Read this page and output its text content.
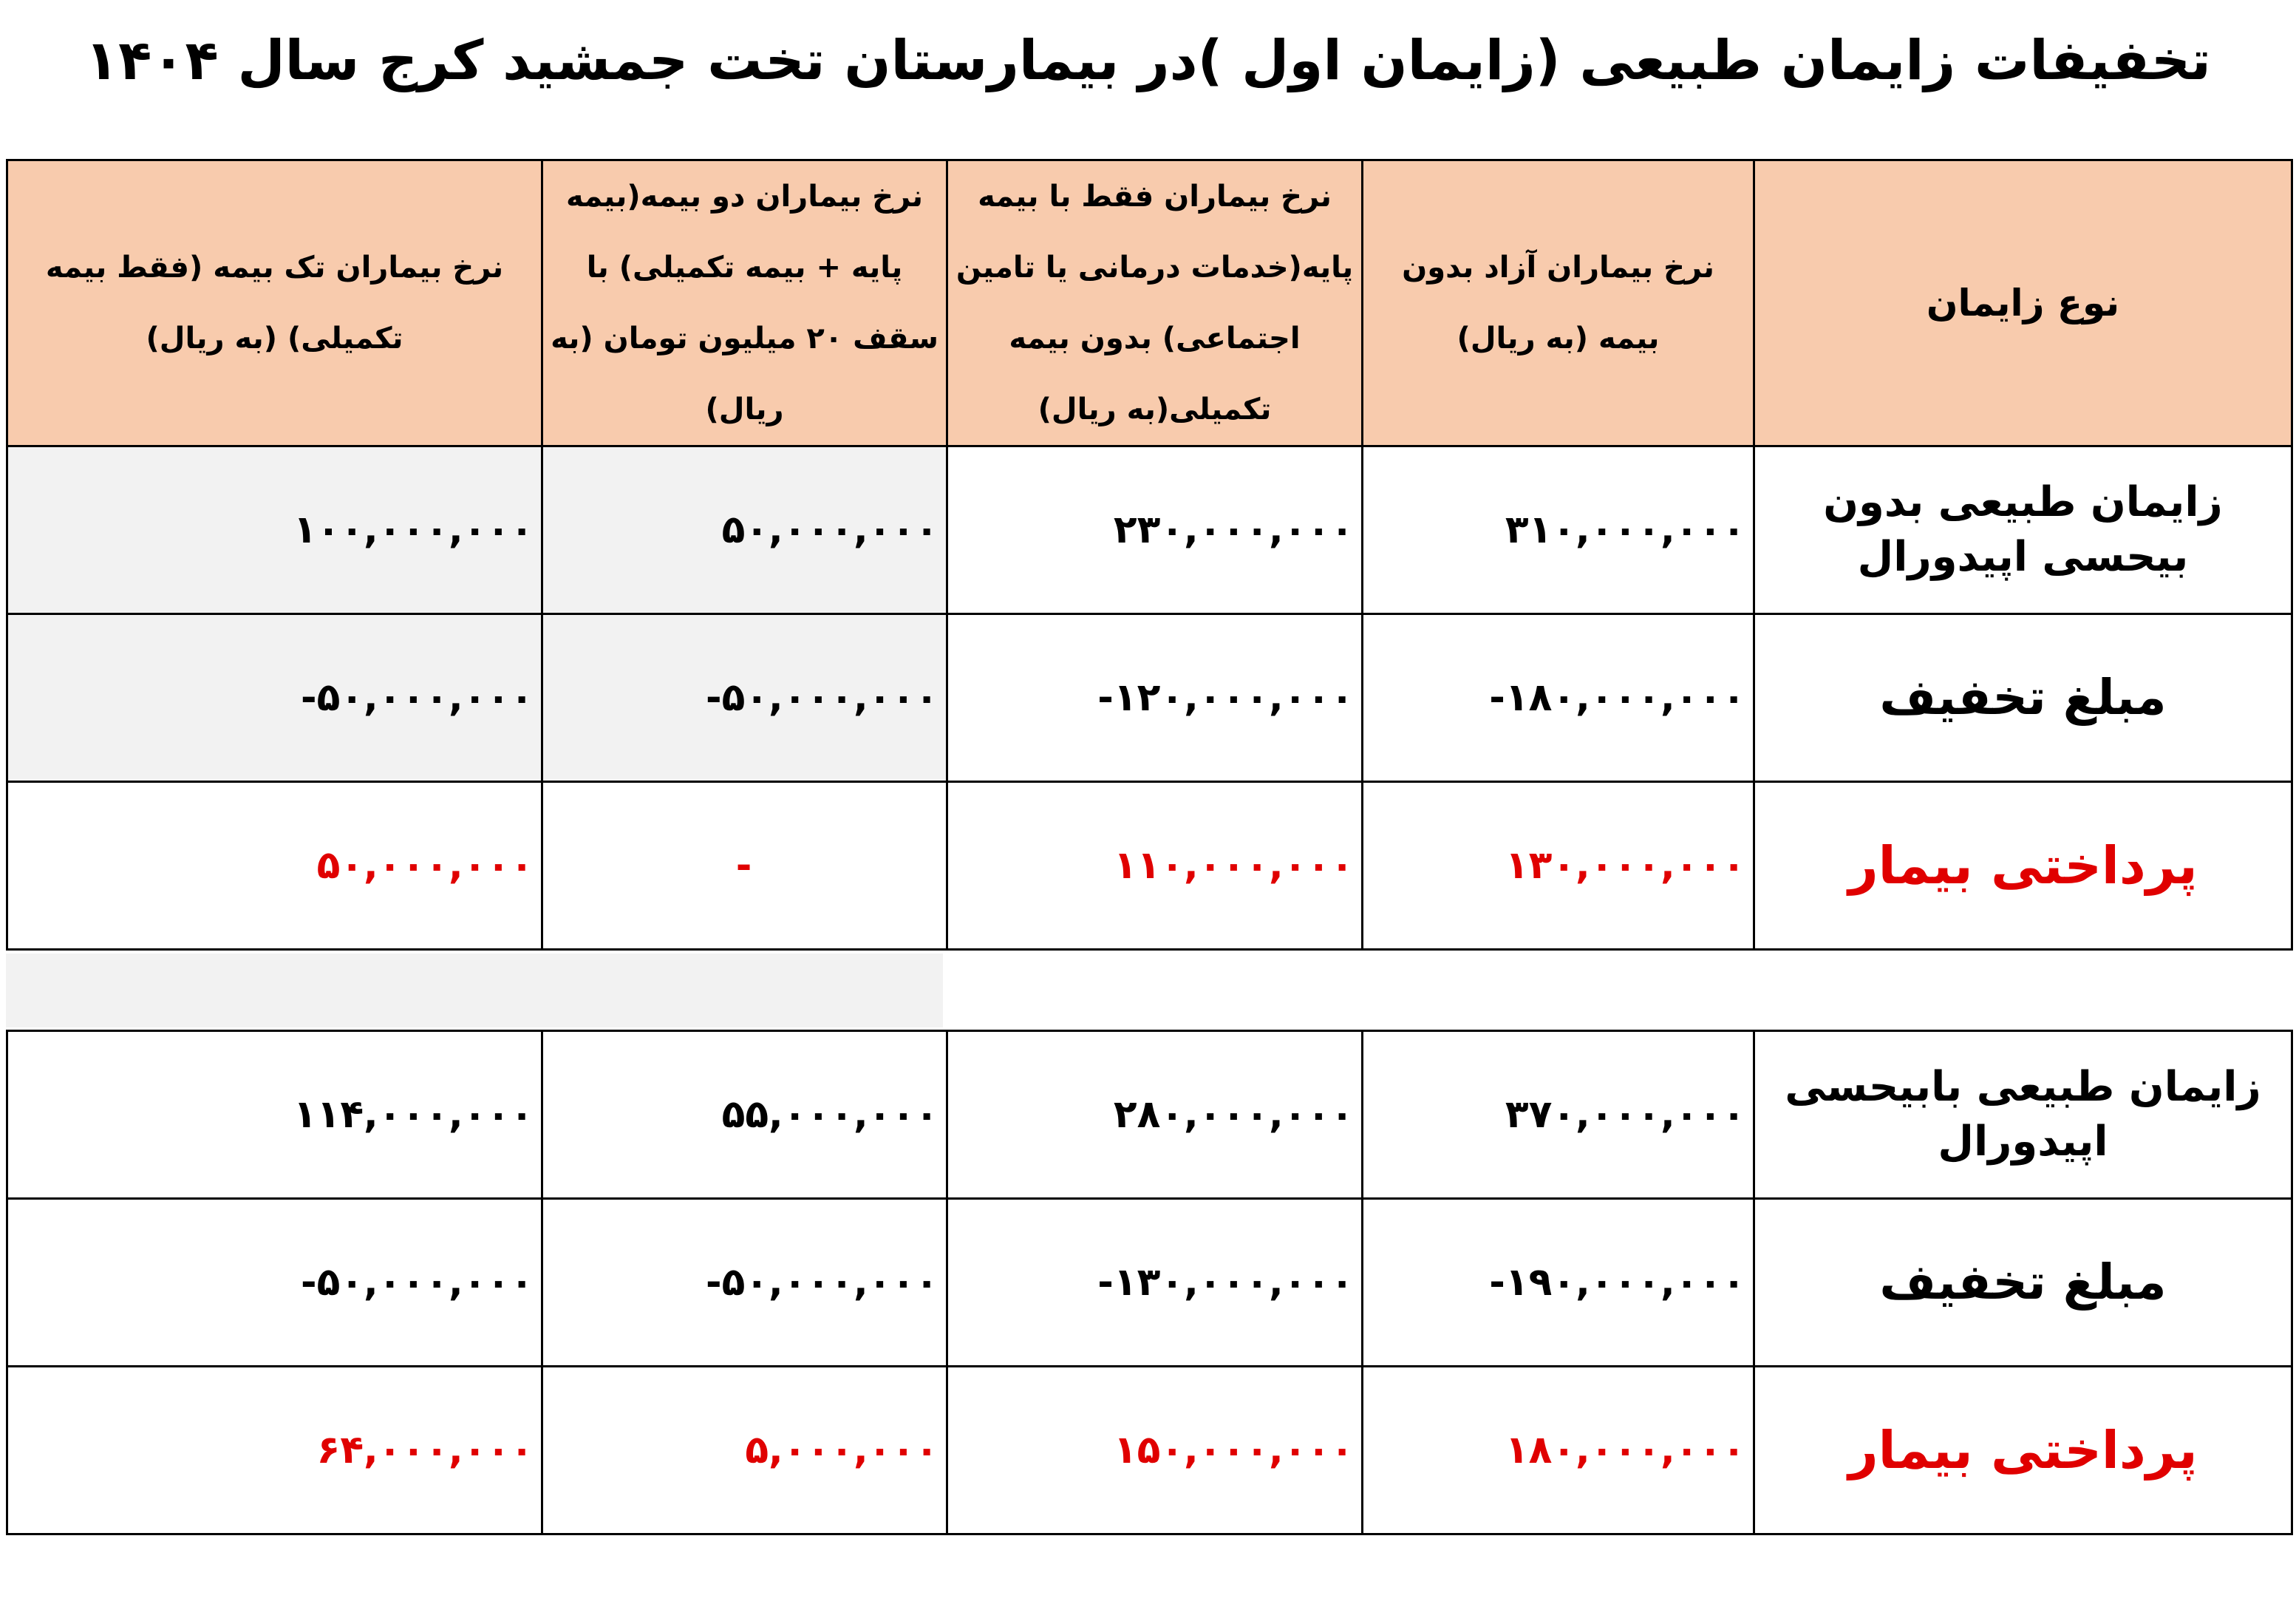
تخفیفات زایمان طبیعی (زایمان اول )در بیمارستان تخت جمشید کرج سال ۱۴۰۴
نرخ بیماران تک بیمه (فقط بیمه تکمیلی) (به ریال)	نرخ بیماران دو بیمه(بیمه پایه + بیمه تکمیلی) با سقف ۲۰ میلیون تومان (به ریال)	نرخ بیماران فقط با بیمه پایه(خدمات درمانی یا تامین اجتماعی) بدون بیمه تکمیلی(به ریال)	نرخ بیماران آزاد بدون بیمه (به ریال)	نوع زایمان
۱۰۰,۰۰۰,۰۰۰	۵۰,۰۰۰,۰۰۰	۲۳۰,۰۰۰,۰۰۰	۳۱۰,۰۰۰,۰۰۰	زایمان طبیعی بدون بیحسی اپیدورال
-۵۰,۰۰۰,۰۰۰	-۵۰,۰۰۰,۰۰۰	-۱۲۰,۰۰۰,۰۰۰	-۱۸۰,۰۰۰,۰۰۰	مبلغ تخفیف
۵۰,۰۰۰,۰۰۰	-	۱۱۰,۰۰۰,۰۰۰	۱۳۰,۰۰۰,۰۰۰	پرداختی بیمار
۱۱۴,۰۰۰,۰۰۰	۵۵,۰۰۰,۰۰۰	۲۸۰,۰۰۰,۰۰۰	۳۷۰,۰۰۰,۰۰۰	زایمان طبیعی بابیحسی اپیدورال
-۵۰,۰۰۰,۰۰۰	-۵۰,۰۰۰,۰۰۰	-۱۳۰,۰۰۰,۰۰۰	-۱۹۰,۰۰۰,۰۰۰	مبلغ تخفیف
۶۴,۰۰۰,۰۰۰	۵,۰۰۰,۰۰۰	۱۵۰,۰۰۰,۰۰۰	۱۸۰,۰۰۰,۰۰۰	پرداختی بیمار
